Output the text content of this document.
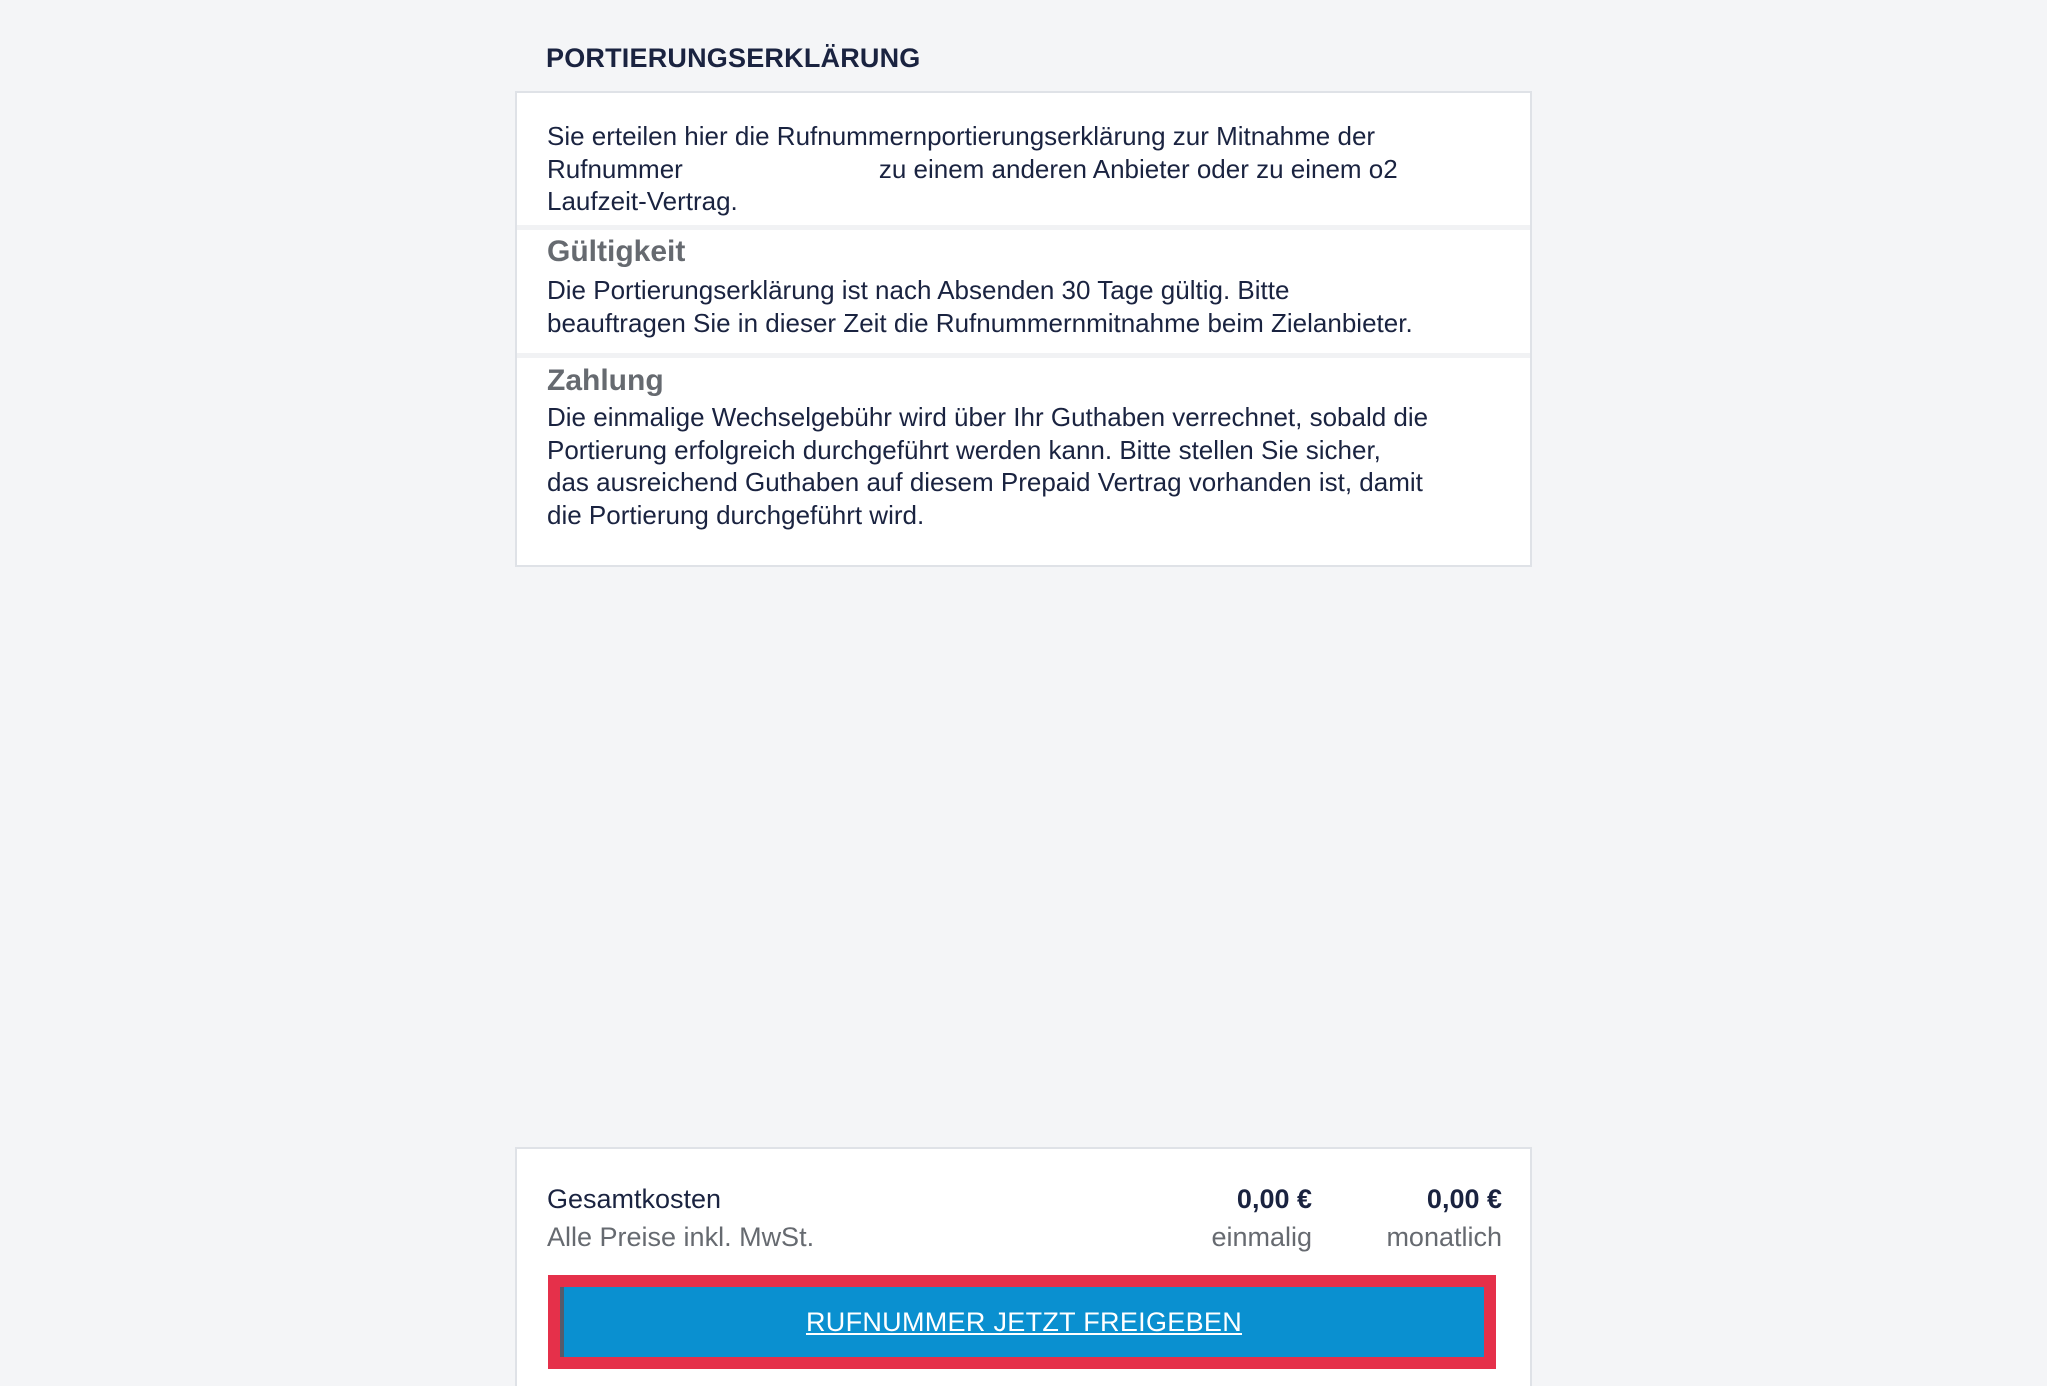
PORTIERUNGSERKLÄRUNG
Sie erteilen hier die Rufnummernportierungserklärung zur Mitnahme der
Rufnummer	zu einem anderen Anbieter oder zu einem o2
Laufzeit-Vertrag.
Gültigkeit
Die Portierungserklärung ist nach Absenden 30 Tage gültig. Bitte
beauftragen Sie in dieser Zeit die Rufnummernmitnahme beim Zielanbieter.
Zahlung
Die einmalige Wechselgebühr wird über Ihr Guthaben verrechnet, sobald die
Portierung erfolgreich durchgeführt werden kann. Bitte stellen Sie sicher,
das ausreichend Guthaben auf diesem Prepaid Vertrag vorhanden ist, damit
die Portierung durchgeführt wird.
Gesamtkosten
Alle Preise inkl. MwSt.
0,00 €
einmalig
0,00 €
monatlich
RUFNUMMER JETZT FREIGEBEN
